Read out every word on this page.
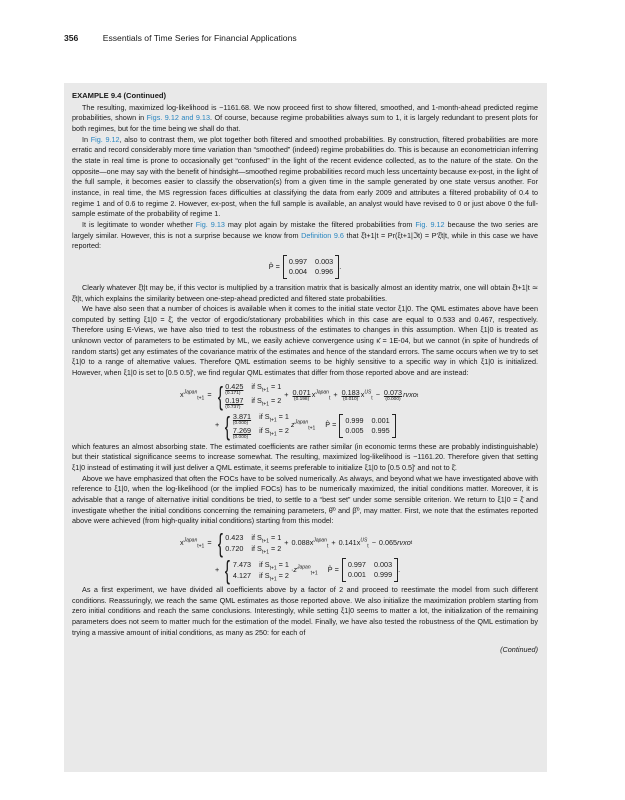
356	Essentials of Time Series for Financial Applications
EXAMPLE 9.4 (Continued)

The resulting, maximized log-likelihood is −1161.68. We now proceed first to show filtered, smoothed, and 1-month-ahead predicted regime probabilities, shown in Figs. 9.12 and 9.13. Of course, because regime probabilities always sum to 1, it is largely redundant to present plots for both regimes, but for the time being we shall do that.

In Fig. 9.12, also to contrast them, we plot together both filtered and smoothed probabilities. By construction, filtered probabilities are more erratic and record considerably more time variation than “smoothed” (indeed) regime probabilities do. This is because an econometrician inferring the state in real time is prone to occasionally get “confused” in the light of the recent evidence collected, as to the nature of the state. On the opposite—one may say with the benefit of hindsight—smoothed regime probabilities record much less uncertainty because ex-post, in the light of the full sample, it becomes easier to classify the observation(s) from a given time in the sample generated by one state versus another. For instance, in real time, the MS regression faces difficulties at classifying the data from early 2009 and attributes a filtered probability of 0.4 to regime 1 and of 0.6 to regime 2. However, ex-post, when the full sample is available, an analyst would have revised to 0 or just above 0 the full-sample estimate of the probability of regime 1.

It is legitimate to wonder whether Fig. 9.13 may plot again by mistake the filtered probabilities from Fig. 9.12 because the two series are largely similar. However, this is not a surprise because we know from Definition 9.6 that ξ̂t+1|t = Pr(ξt+1|ℑt) = P′ξ̂t|t, while in this case we have reported:

P̂ =
0.997 0.003
0.004 0.996
.

Clearly whatever ξ̂t|t may be, if this vector is multiplied by a transition matrix that is basically almost an identity matrix, one will obtain ξ̂t+1|t ≃ ξ̂t|t, which explains the similarity between one-step-ahead predicted and filtered state probabilities.

We have also seen that a number of choices is available when it comes to the initial state vector ξ1|0. The QML estimates above have been computed by setting ξ1|0 = ξ̄, the vector of ergodic/stationary probabilities which in this case are equal to 0.533 and 0.467, respectively. Therefore using E-Views, we have also tried to test the robustness of the estimates to changes in this assumption. When ξ1|0 is treated as unknown vector of parameters to be estimated by ML, we easily achieve convergence using κ̄ = 1E-04, but we cannot (in spite of hundreds of random starts) get any estimates of the covariance matrix of the estimates and hence of the standard errors. The same occurs when we try to set ξ1|0 to a range of alternative values. Therefore QML estimation seems to be highly sensitive to a specific way in which ξ1|0 is initialized. However, when ξ1|0 is set to [0.5 0.5]′, we find regular QML estimates that differ from those reported above and are instead:

$x^{Japan}_{t+1}$ = { 0.425
(0.171)
if $S_{t+1} = 1$
0.197
(0.737)
if $S_{t+1} = 2$
+ 0.071
(0.198)
$x^{Japan}_t + 0.183$
(0.010)
$x^{US}_t - 0.073$
(0.000)
rvxo t
+ { 3.871
(0.000)
if $S_{t+1} = 1$
7.269
(0.000)
if $S_{t+1} = 2$
$z^{Japan}_{t+1}$ P̂ =
0.999 0.001
0.005 0.995

which features an almost absorbing state. The estimated coefficients are rather similar (in economic terms these are probably indistinguishable) but their statistical significance seems to increase somewhat. The resulting, maximized log-likelihood is −1161.20. Therefore given that setting ξ1|0 instead of estimating it will just deliver a QML estimate, it seems preferable to initialize ξ1|0 to [0.5 0.5]′ and not to ξ̄.

Above we have emphasized that often the FOCs have to be solved numerically. As always, and beyond what we have investigated above with reference to ξ1|0, when the log-likelihood (or the implied FOCs) has to be numerically maximized, the initial conditions matter. Moreover, it is advisable that a range of alternative initial conditions be tried, to settle to a “best set” under some sensible criterion. We return to ξ1|0 = ξ̄ and investigate whether the initial conditions concerning the remaining parameters, θ̂⁰ and β̂⁰, may matter. First, we note that the estimates reported above were achieved (from high-quality initial conditions) starting from this model:

$x^{Japan}_{t+1}$ = { 0.423 if $S_{t+1} = 1$
0.720 if $S_{t+1} = 2$
+ 0.088 $x^{Japan}_t + 0.141$ $x^{US}_t - 0.065$ rvxo t
+ { 7.473 if $S_{t+1} = 1$
4.127 if $S_{t+1} = 2$
$\cdot z^{Japan}_{t+1}$ P̂ =
0.997 0.003
0.001 0.999
.

As a first experiment, we have divided all coefficients above by a factor of 2 and proceed to reestimate the model from such different conditions. Reassuringly, we reach the same QML estimates as those reported above. We also initialize the maximization problem starting from zero initial conditions and reach the same conclusions. Interestingly, while setting ξ1|0 seems to matter a lot, the initialization of the remaining parameters does not seem to matter much for the estimation of the model. Finally, we have also tested the robustness of the QML estimation by trying a massive amount of initial conditions, as many as 250: for each of

(Continued)
